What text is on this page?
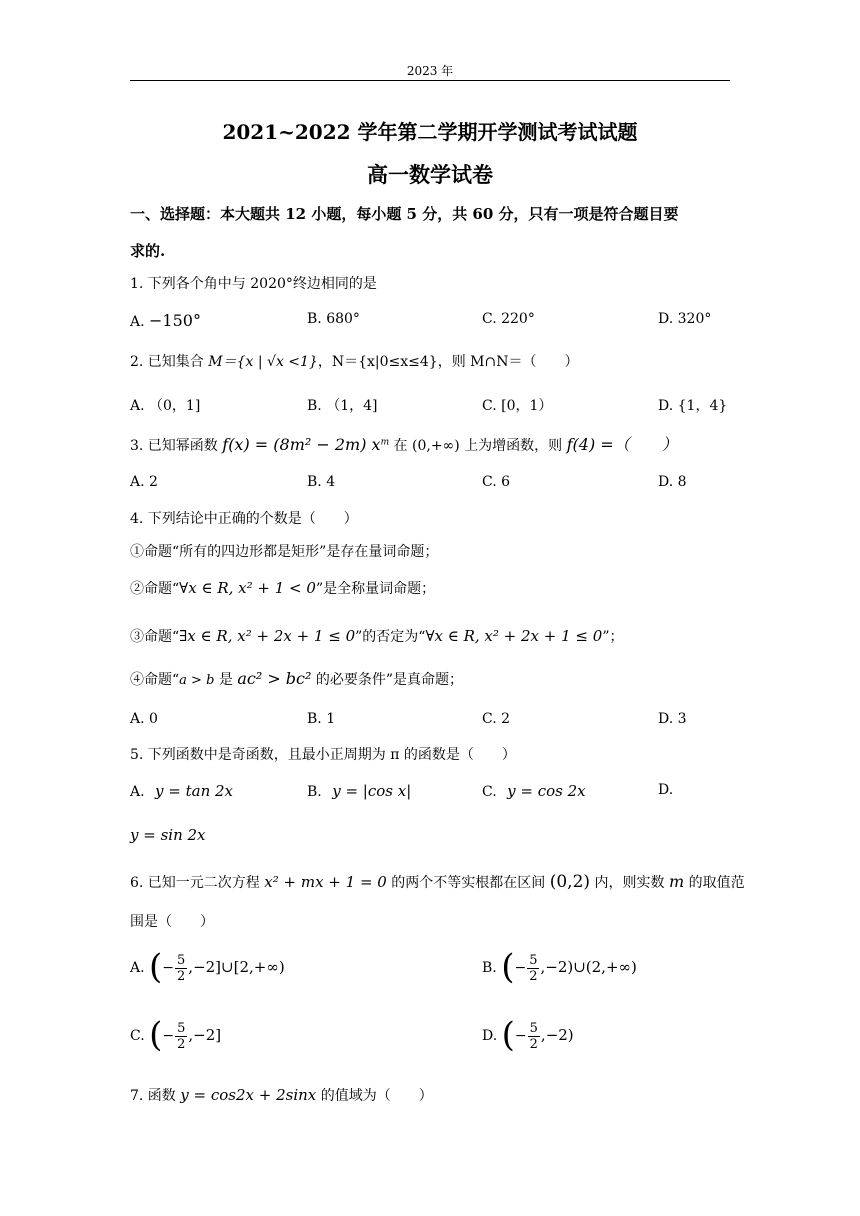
2023 年
2021~2022 学年第二学期开学测试考试试题
高一数学试卷
一、选择题：本大题共 12 小题，每小题 5 分，共 60 分，只有一项是符合题目要
求的.
1. 下列各个角中与 2020°终边相同的是
A. −150°	B. 680°	C. 220°	D. 320°
2. 已知集合 M＝{x | √x <1}，N＝{x|0≤x≤4}，则 M∩N＝（　　）
A. （0，1]	B. （1，4]	C. [0，1）	D. {1，4}
3. 已知幂函数 f(x) = (8m² − 2m) $x^m$ 在 (0,+∞) 上为增函数，则 f(4) =（　　）
A. 2	B. 4	C. 6	D. 8
4. 下列结论中正确的个数是（　　）
①命题“所有的四边形都是矩形”是存在量词命题；
②命题“∀x ∈ R, x² + 1 < 0”是全称量词命题；
③命题“∃x ∈ R, x² + 2x + 1 ≤ 0”的否定为“∀x ∈ R, x² + 2x + 1 ≤ 0”；
④命题“a > b 是 ac² > bc² 的必要条件”是真命题；
A. 0	B. 1	C. 2	D. 3
5. 下列函数中是奇函数，且最小正周期为 π 的函数是（　　）
A. y = tan 2x	B. y = |cos x|	C. y = cos 2x	D.
y = sin 2x
6. 已知一元二次方程 x² + mx + 1 = 0 的两个不等实根都在区间 (0,2) 内，则实数 m 的取值范
围是（　　）
A. (− $\frac{5}{2}$ ,−2]∪[2,+∞)	B. (− $\frac{5}{2}$ ,−2)∪(2,+∞)
C. (− $\frac{5}{2} ,-2$]	D. (− $\frac{5}{2} ,-2$)
7. 函数 y = cos2x + 2sinx 的值域为（　　）
